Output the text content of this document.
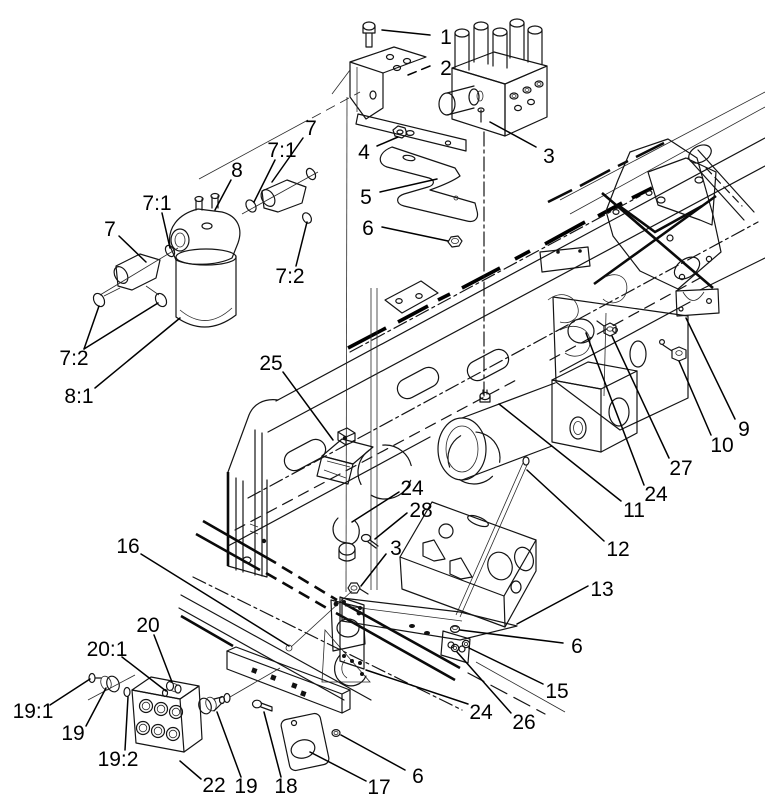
1
2
3
4
5
6
7
7:1
8
7:1
7
7:2
7:2
8:1
9
10
27
24
11
12
25
24
28
3
16
13
6
15
26
24
20
20:1
19:1
19
19:2
22 19 18	17 6
